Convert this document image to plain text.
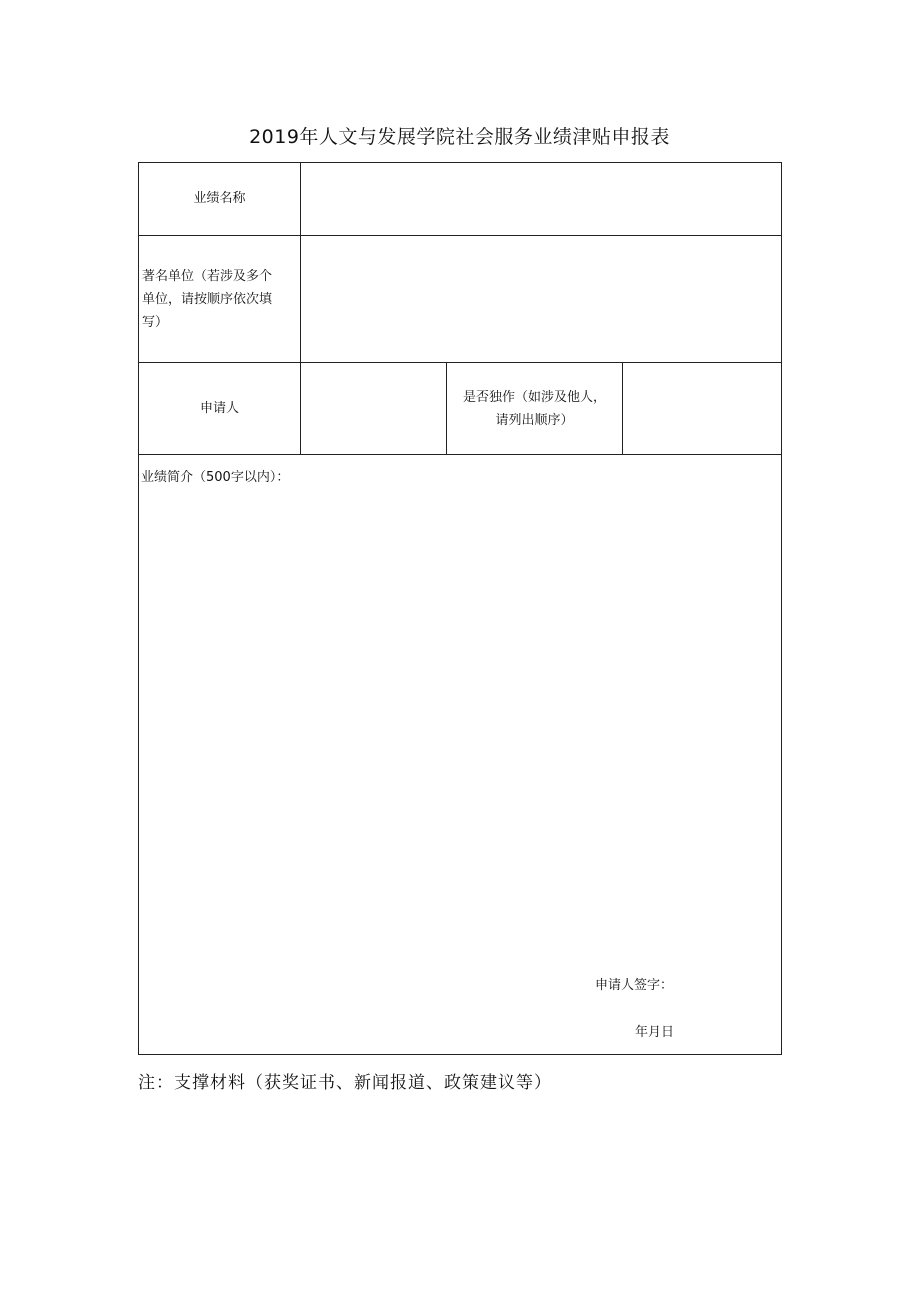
2019年人文与发展学院社会服务业绩津贴申报表
业绩名称			

著名单位（若涉及多个
单位，请按顺序依次填
写）			

申请人		是否独作（如涉及他人，
请列出顺序）	

业绩简介（500字以内）：
申请人签字：
年月日			
注：支撑材料（获奖证书、新闻报道、政策建议等）
